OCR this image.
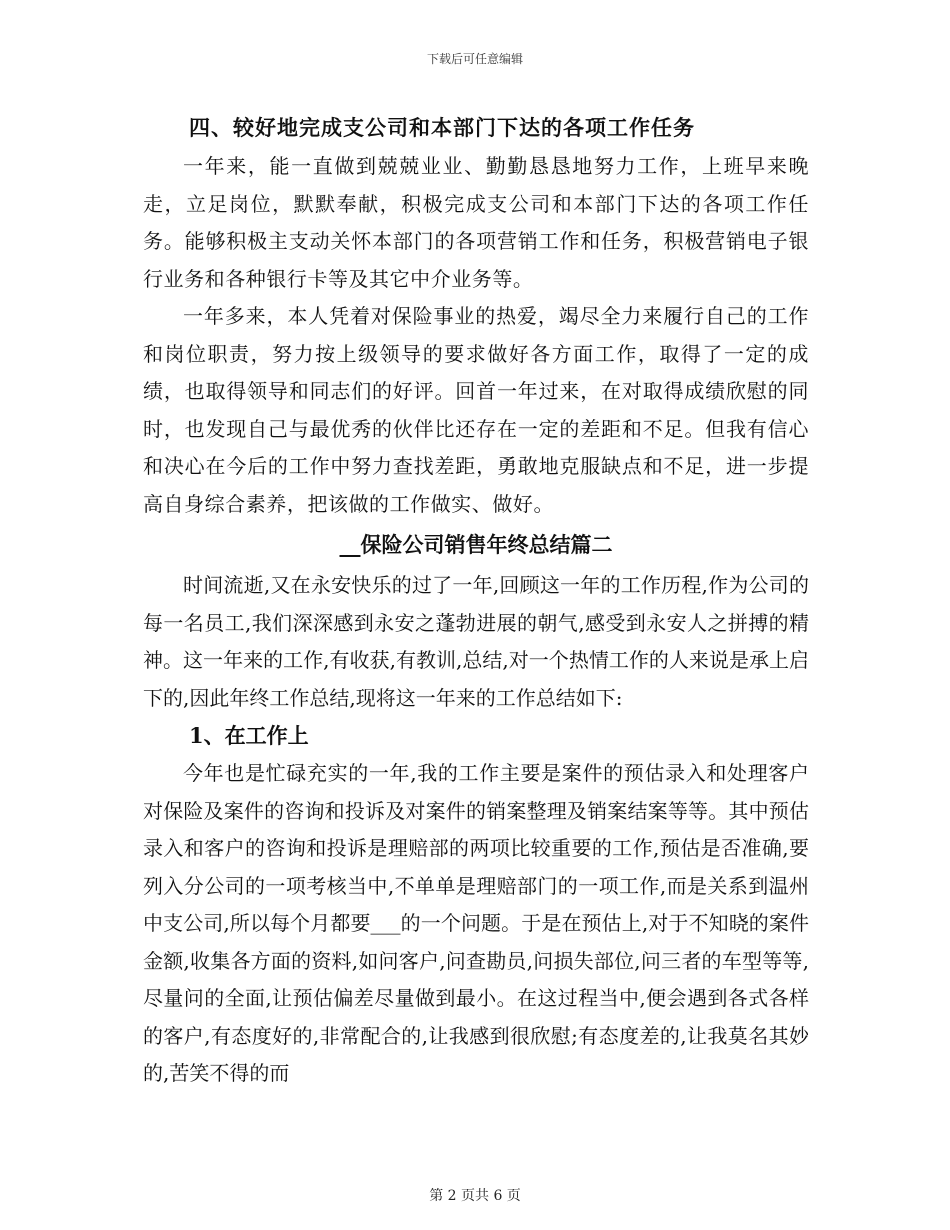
下载后可任意编辑
四、较好地完成支公司和本部门下达的各项工作任务

一年来，能一直做到兢兢业业、勤勤恳恳地努力工作，上班早来晚走，立足岗位，默默奉献，积极完成支公司和本部门下达的各项工作任务。能够积极主支动关怀本部门的各项营销工作和任务，积极营销电子银行业务和各种银行卡等及其它中介业务等。

一年多来，本人凭着对保险事业的热爱，竭尽全力来履行自己的工作和岗位职责，努力按上级领导的要求做好各方面工作，取得了一定的成绩，也取得领导和同志们的好评。回首一年过来，在对取得成绩欣慰的同时，也发现自己与最优秀的伙伴比还存在一定的差距和不足。但我有信心和决心在今后的工作中努力查找差距，勇敢地克服缺点和不足，进一步提高自身综合素养，把该做的工作做实、做好。

__保险公司销售年终总结篇二

时间流逝,又在永安快乐的过了一年,回顾这一年的工作历程,作为公司的每一名员工,我们深深感到永安之蓬勃进展的朝气,感受到永安人之拼搏的精神。这一年来的工作,有收获,有教训,总结,对一个热情工作的人来说是承上启下的,因此年终工作总结,现将这一年来的工作总结如下:

1、在工作上

今年也是忙碌充实的一年,我的工作主要是案件的预估录入和处理客户对保险及案件的咨询和投诉及对案件的销案整理及销案结案等等。其中预估录入和客户的咨询和投诉是理赔部的两项比较重要的工作,预估是否准确,要列入分公司的一项考核当中,不单单是理赔部门的一项工作,而是关系到温州中支公司,所以每个月都要___的一个问题。于是在预估上,对于不知晓的案件金额,收集各方面的资料,如问客户,问查勘员,问损失部位,问三者的车型等等,尽量问的全面,让预估偏差尽量做到最小。在这过程当中,便会遇到各式各样的客户,有态度好的,非常配合的,让我感到很欣慰;有态度差的,让我莫名其妙的,苦笑不得的而

第 2 页共 6 页
